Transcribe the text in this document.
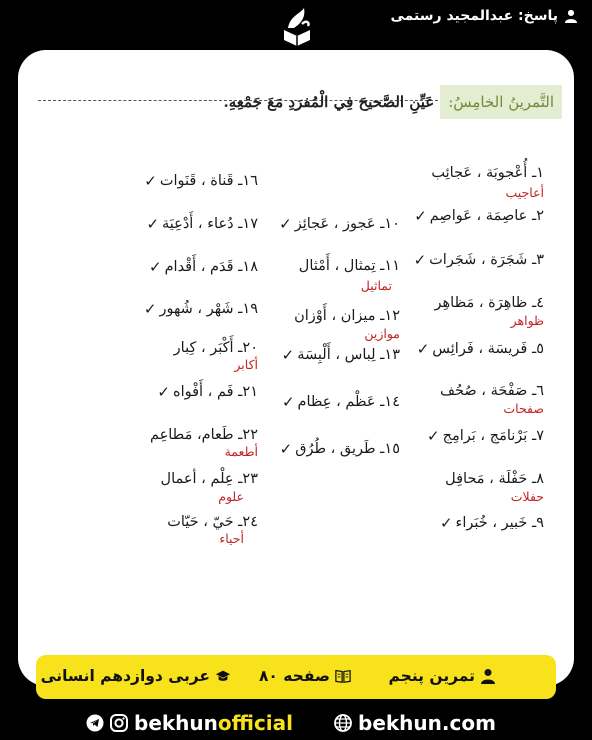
پاسخ: عبدالمجید رستمی
التَّمرينُ الخامِسُ:
عَيِّنِ الصَّحيحَ فِي الْمُفرَدِ مَعَ جَمْعِهِ.
١ـ أُعْجوبَة ، عَجائِب
أعاجيب
٢ـ عاصِمَة ، عَواصِم
✓
٣ـ شَجَرَة ، شَجَرات
✓
٤ـ ظاهِرَة ، مَظاهِر
ظواهر
٥ـ فَريسَة ، فَرائِس
✓
٦ـ صَفْحَة ، صُحُف
صفحات
٧ـ بَرْنامَج ، بَرامِج
✓
٨ـ حَفْلَة ، مَحافِل
حفلات
٩ـ خَبير ، خُبَراء
✓
١٠ـ عَجوز ، عَجائِز
✓
١١ـ تِمثال ، أَمْثال
تماثيل
١٢ـ ميزان ، أَوْزان
موازين
١٣ـ لِباس ، أَلْبِسَة
✓
١٤ـ عَظْم ، عِظام
✓
١٥ـ طَريق ، طُرُق
✓
١٦ـ قَناة ، قَنَوات
✓
١٧ـ دُعاء ، أَدْعِيَة
✓
١٨ـ قَدَم ، أَقْدام
✓
١٩ـ شَهْر ، شُهور
✓
٢٠ـ أَكْبَر ، كِبار
أكابر
٢١ـ فَم ، أَفْواه
✓
٢٢ـ طَعام، مَطاعِم
أطعمة
٢٣ـ عِلْم ، أعمال
علوم
٢٤ـ حَيّ ، حَيّات
أحياء
تمرین پنجم
صفحه ۸۰
عربی دوازدهم انسانی
bekhunofficial	bekhun.com
